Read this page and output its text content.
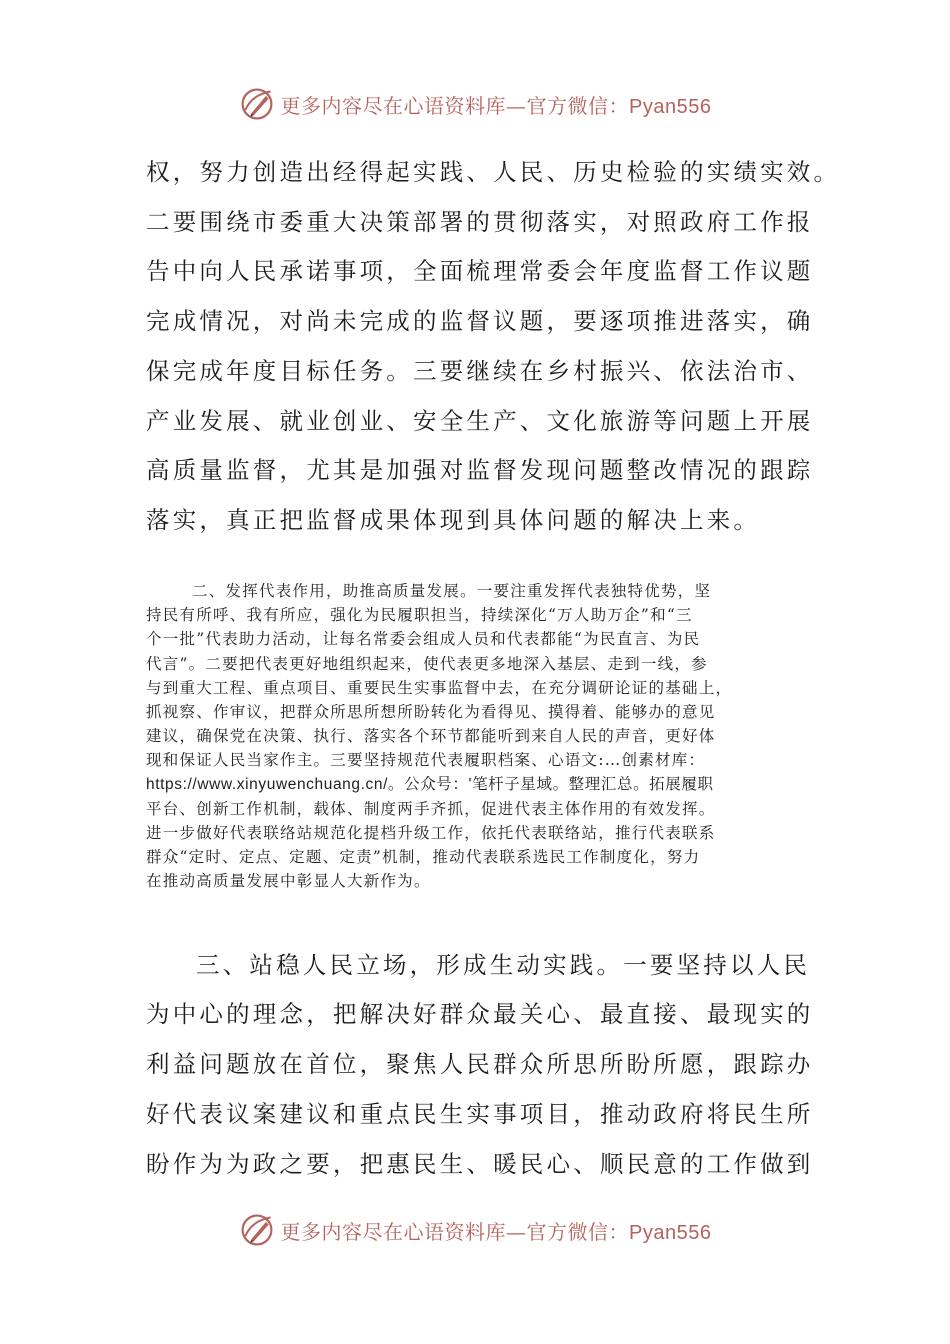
更多内容尽在心语资料库—官方微信：Pyan556
权，努力创造出经得起实践、人民、历史检验的实绩实效。
二要围绕市委重大决策部署的贯彻落实，对照政府工作报
告中向人民承诺事项，全面梳理常委会年度监督工作议题
完成情况，对尚未完成的监督议题，要逐项推进落实，确
保完成年度目标任务。三要继续在乡村振兴、依法治市、
产业发展、就业创业、安全生产、文化旅游等问题上开展
高质量监督，尤其是加强对监督发现问题整改情况的跟踪
落实，真正把监督成果体现到具体问题的解决上来。
二、发挥代表作用，助推高质量发展。一要注重发挥代表独特优势，坚
持民有所呼、我有所应，强化为民履职担当，持续深化“万人助万企”和“三
个一批”代表助力活动，让每名常委会组成人员和代表都能“为民直言、为民
代言”。二要把代表更好地组织起来，使代表更多地深入基层、走到一线，参
与到重大工程、重点项目、重要民生实事监督中去，在充分调研论证的基础上，
抓视察、作审议，把群众所思所想所盼转化为看得见、摸得着、能够办的意见
建议，确保党在决策、执行、落实各个环节都能听到来自人民的声音，更好体
现和保证人民当家作主。三要坚持规范代表履职档案、心语文:…创素材库：
https://www.xinyuwenchuang.cn/。公众号：'笔杆子星域。整理汇总。拓展履职
平台、创新工作机制，载体、制度两手齐抓，促进代表主体作用的有效发挥。
进一步做好代表联络站规范化提档升级工作，依托代表联络站，推行代表联系
群众“定时、定点、定题、定责”机制，推动代表联系选民工作制度化，努力
在推动高质量发展中彰显人大新作为。
三、站稳人民立场，形成生动实践。一要坚持以人民
为中心的理念，把解决好群众最关心、最直接、最现实的
利益问题放在首位，聚焦人民群众所思所盼所愿，跟踪办
好代表议案建议和重点民生实事项目，推动政府将民生所
盼作为为政之要，把惠民生、暖民心、顺民意的工作做到
更多内容尽在心语资料库—官方微信：Pyan556
